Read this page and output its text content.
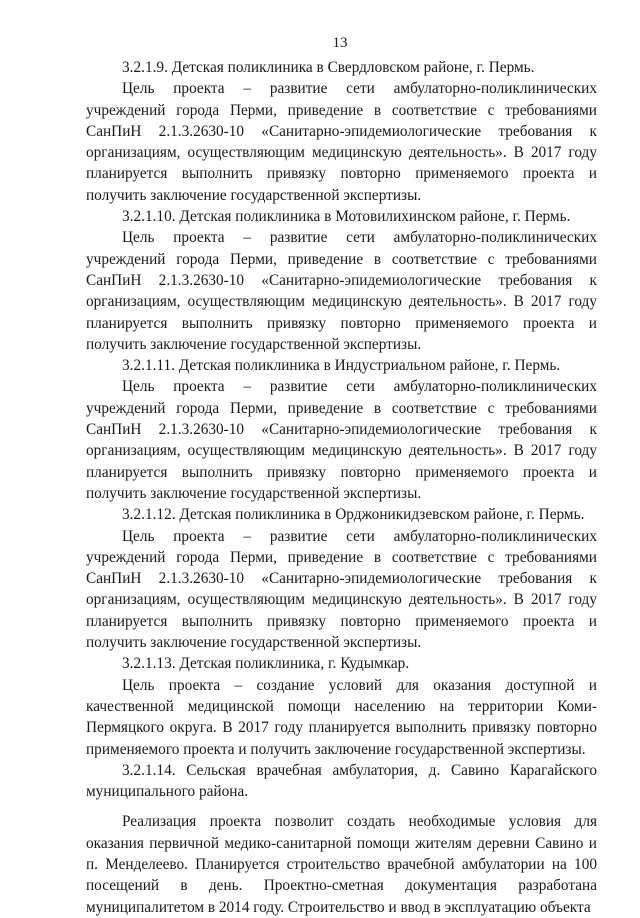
13

3.2.1.9. Детская поликлиника в Свердловском районе, г. Пермь.

Цель проекта – развитие сети амбулаторно-поликлинических учреждений города Перми, приведение в соответствие с требованиями СанПиН 2.1.3.2630-10 «Санитарно-эпидемиологические требования к организациям, осуществляющим медицинскую деятельность». В 2017 году планируется выполнить привязку повторно применяемого проекта и получить заключение государственной экспертизы.

3.2.1.10. Детская поликлиника в Мотовилихинском районе, г. Пермь.

Цель проекта – развитие сети амбулаторно-поликлинических учреждений города Перми, приведение в соответствие с требованиями СанПиН 2.1.3.2630-10 «Санитарно-эпидемиологические требования к организациям, осуществляющим медицинскую деятельность». В 2017 году планируется выполнить привязку повторно применяемого проекта и получить заключение государственной экспертизы.

3.2.1.11. Детская поликлиника в Индустриальном районе, г. Пермь.

Цель проекта – развитие сети амбулаторно-поликлинических учреждений города Перми, приведение в соответствие с требованиями СанПиН 2.1.3.2630-10 «Санитарно-эпидемиологические требования к организациям, осуществляющим медицинскую деятельность». В 2017 году планируется выполнить привязку повторно применяемого проекта и получить заключение государственной экспертизы.

3.2.1.12. Детская поликлиника в Орджоникидзевском районе, г. Пермь.

Цель проекта – развитие сети амбулаторно-поликлинических учреждений города Перми, приведение в соответствие с требованиями СанПиН 2.1.3.2630-10 «Санитарно-эпидемиологические требования к организациям, осуществляющим медицинскую деятельность». В 2017 году планируется выполнить привязку повторно применяемого проекта и получить заключение государственной экспертизы.

3.2.1.13. Детская поликлиника, г. Кудымкар.

Цель проекта – создание условий для оказания доступной и качественной медицинской помощи населению на территории Коми-Пермяцкого округа. В 2017 году планируется выполнить привязку повторно применяемого проекта и получить заключение государственной экспертизы.

3.2.1.14. Сельская врачебная амбулатория, д. Савино Карагайского муниципального района.

Реализация проекта позволит создать необходимые условия для оказания первичной медико-санитарной помощи жителям деревни Савино и п. Менделеево. Планируется строительство врачебной амбулатории на 100 посещений в день. Проектно-сметная документация разработана муниципалитетом в 2014 году. Строительство и ввод в эксплуатацию объекта
